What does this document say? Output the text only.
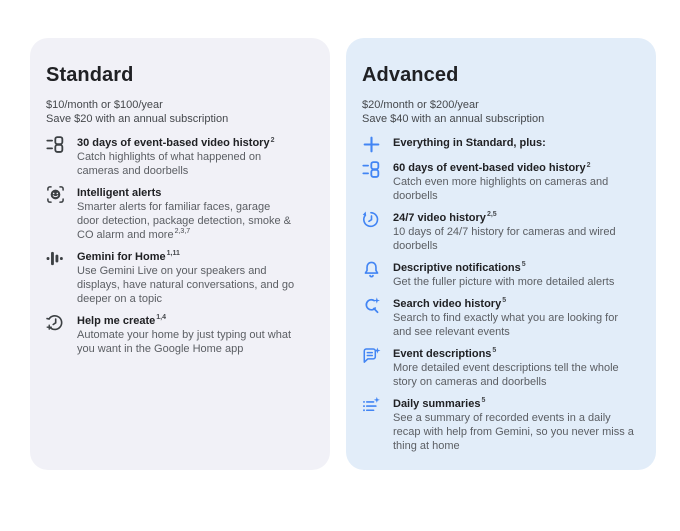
Standard
$10/month or $100/year
Save $20 with an annual subscription
30 days of event-based video history$^2$
Catch highlights of what happened on cameras and doorbells
Intelligent alerts
Smarter alerts for familiar faces, garage door detection, package detection, smoke & CO alarm and more$^{2,3,7}$
Gemini for Home$^{1,11}$
Use Gemini Live on your speakers and displays, have natural conversations, and go deeper on a topic
Help me create$^{1,4}$
Automate your home by just typing out what you want in the Google Home app
Advanced
$20/month or $200/year
Save $40 with an annual subscription
Everything in Standard, plus:
60 days of event-based video history$^2$
Catch even more highlights on cameras and doorbells
24/7 video history$^{2,5}$
10 days of 24/7 history for cameras and wired doorbells
Descriptive notifications$^5$
Get the fuller picture with more detailed alerts
Search video history$^5$
Search to find exactly what you are looking for and see relevant events
Event descriptions$^5$
More detailed event descriptions tell the whole story on cameras and doorbells
Daily summaries$^5$
See a summary of recorded events in a daily recap with help from Gemini, so you never miss a thing at home
